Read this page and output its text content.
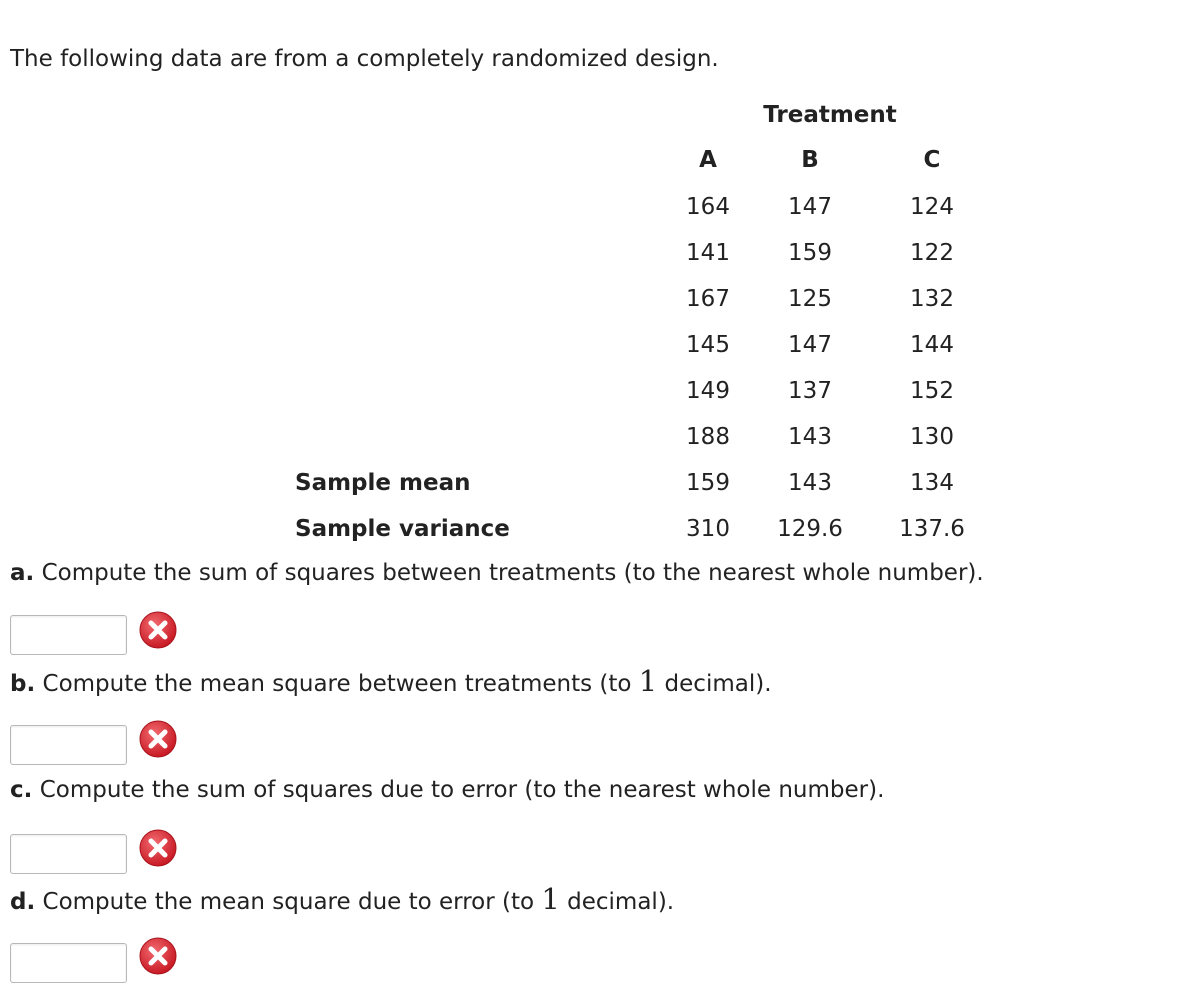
The following data are from a completely randomized design.
Treatment
A	B	C
164	147	124
141	159	122
167	125	132
145	147	144
149	137	152
188	143	130
Sample mean	159	143	134
Sample variance	310	129.6	137.6
a. Compute the sum of squares between treatments (to the nearest whole number).
b. Compute the mean square between treatments (to 1 decimal).
c. Compute the sum of squares due to error (to the nearest whole number).
d. Compute the mean square due to error (to 1 decimal).
